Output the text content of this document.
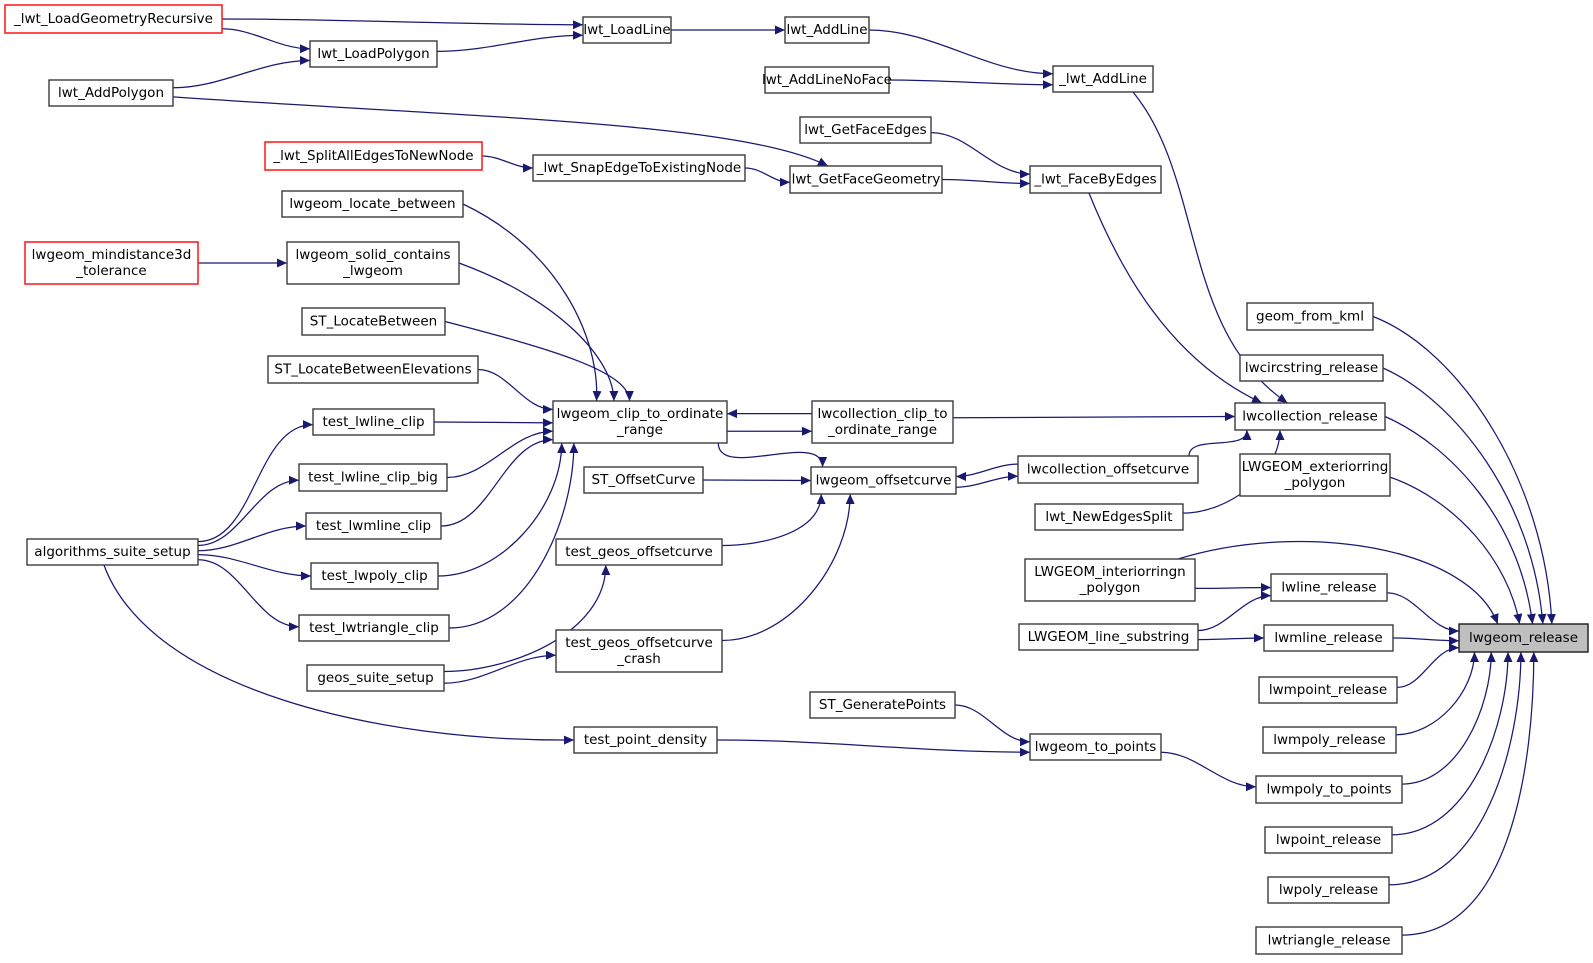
_lwt_LoadGeometryRecursive
lwt_LoadPolygon
lwt_AddPolygon
lwt_LoadLine	lwt_AddLine
lwt_AddLineNoFace	_lwt_AddLine
lwt_GetFaceEdges
_lwt_SplitAllEdgesToNewNode
_lwt_SnapEdgeToExistingNode
lwt_GetFaceGeometry	_lwt_FaceByEdges
lwgeom_locate_between
lwgeom_mindistance3d _tolerance
lwgeom_solid_contains _lwgeom
ST_LocateBetween
ST_LocateBetweenElevations
test_lwline_clip
test_lwline_clip_big
test_lwmline_clip
algorithms_suite_setup
test_lwpoly_clip
test_lwtriangle_clip
geos_suite_setup
lwgeom_clip_to_ordinate _range
lwcollection_clip_to _ordinate_range
ST_OffsetCurve	lwgeom_offsetcurve
test_geos_offsetcurve
test_geos_offsetcurve _crash
test_point_density
ST_GeneratePoints
lwgeom_to_points
lwcollection_offsetcurve
lwt_NewEdgesSplit
geom_from_kml
lwcircstring_release
lwcollection_release
LWGEOM_exteriorring _polygon
LWGEOM_interiorringn _polygon	lwline_release
LWGEOM_line_substring	lwmline_release
lwmpoint_release
lwmpoly_release
lwmpoly_to_points
lwpoint_release
lwpoly_release
lwtriangle_release
lwgeom_release
